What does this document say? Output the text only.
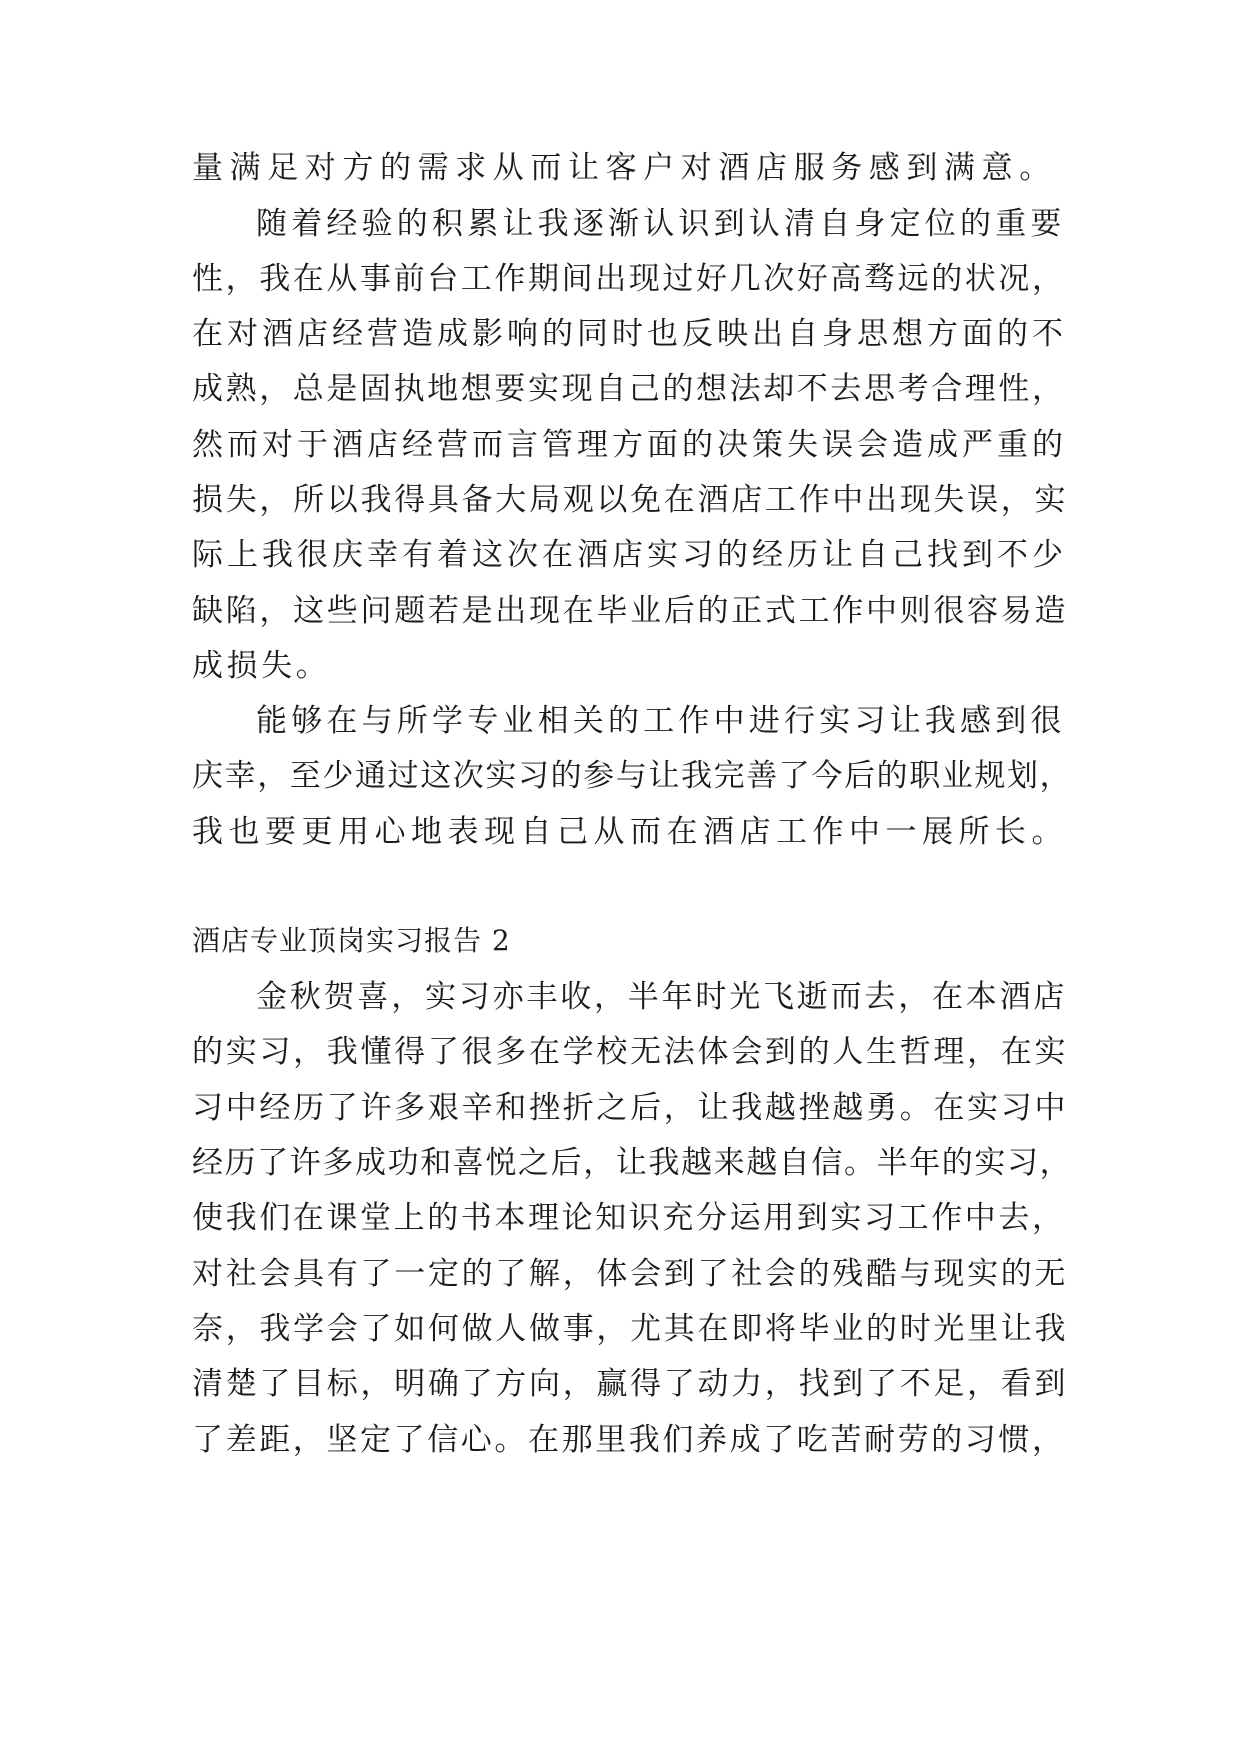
量满足对方的需求从而让客户对酒店服务感到满意。
随着经验的积累让我逐渐认识到认清自身定位的重要
性，我在从事前台工作期间出现过好几次好高骛远的状况，
在对酒店经营造成影响的同时也反映出自身思想方面的不
成熟，总是固执地想要实现自己的想法却不去思考合理性，
然而对于酒店经营而言管理方面的决策失误会造成严重的
损失，所以我得具备大局观以免在酒店工作中出现失误，实
际上我很庆幸有着这次在酒店实习的经历让自己找到不少
缺陷，这些问题若是出现在毕业后的正式工作中则很容易造
成损失。
能够在与所学专业相关的工作中进行实习让我感到很
庆幸，至少通过这次实习的参与让我完善了今后的职业规划，
我也要更用心地表现自己从而在酒店工作中一展所长。
酒店专业顶岗实习报告 2
金秋贺喜，实习亦丰收，半年时光飞逝而去，在本酒店
的实习，我懂得了很多在学校无法体会到的人生哲理，在实
习中经历了许多艰辛和挫折之后，让我越挫越勇。在实习中
经历了许多成功和喜悦之后，让我越来越自信。半年的实习，
使我们在课堂上的书本理论知识充分运用到实习工作中去，
对社会具有了一定的了解，体会到了社会的残酷与现实的无
奈，我学会了如何做人做事，尤其在即将毕业的时光里让我
清楚了目标，明确了方向，赢得了动力，找到了不足，看到
了差距，坚定了信心。在那里我们养成了吃苦耐劳的习惯，
